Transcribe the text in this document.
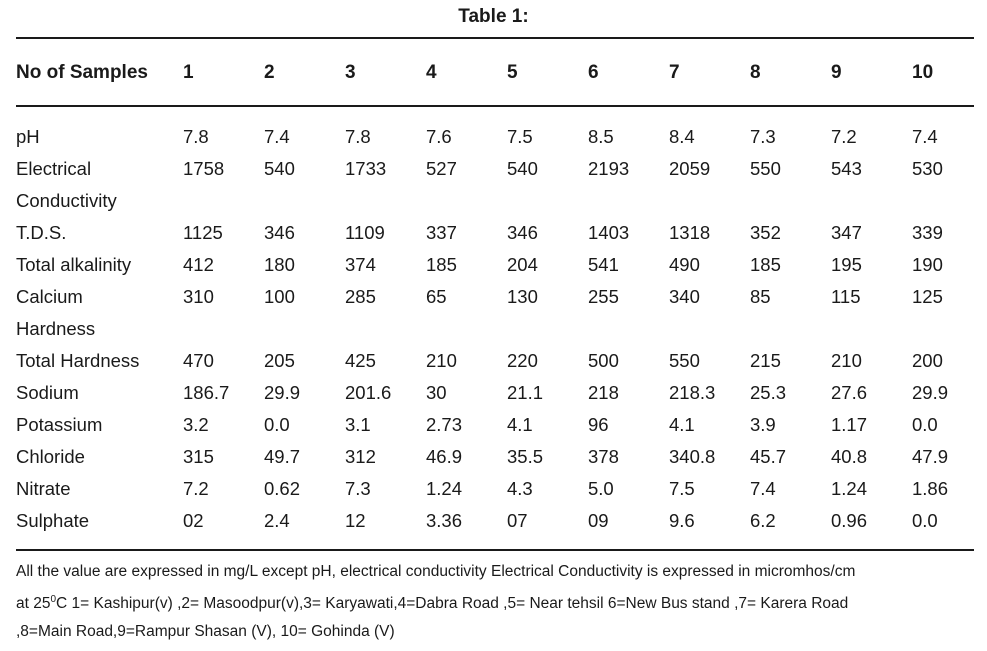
Table 1:
No of Samples	1	2	3	4	5	6	7	8	9	10

pH	7.8	7.4	7.8	7.6	7.5	8.5	8.4	7.3	7.2	7.4

Electrical
Conductivity	1758	540	1733	527	540	2193	2059	550	543	530

T.D.S.	1125	346	1109	337	346	1403	1318	352	347	339

Total alkalinity	412	180	374	185	204	541	490	185	195	190

Calcium
Hardness	310	100	285	65	130	255	340	85	115	125

Total Hardness	470	205	425	210	220	500	550	215	210	200

Sodium	186.7	29.9	201.6	30	21.1	218	218.3	25.3	27.6	29.9

Potassium	3.2	0.0	3.1	2.73	4.1	96	4.1	3.9	1.17	0.0

Chloride	315	49.7	312	46.9	35.5	378	340.8	45.7	40.8	47.9

Nitrate	7.2	0.62	7.3	1.24	4.3	5.0	7.5	7.4	1.24	1.86

Sulphate	02	2.4	12	3.36	07	09	9.6	6.2	0.96	0.0
All the value are expressed in mg/L except pH, electrical conductivity Electrical Conductivity is expressed in micromhos/cm
at $25^0C$ 1= Kashipur(v) ,2= Masoodpur(v),3= Karyawati,4=Dabra Road ,5= Near tehsil 6=New Bus stand ,7= Karera Road
,8=Main Road,9=Rampur Shasan (V), 10= Gohinda (V)
